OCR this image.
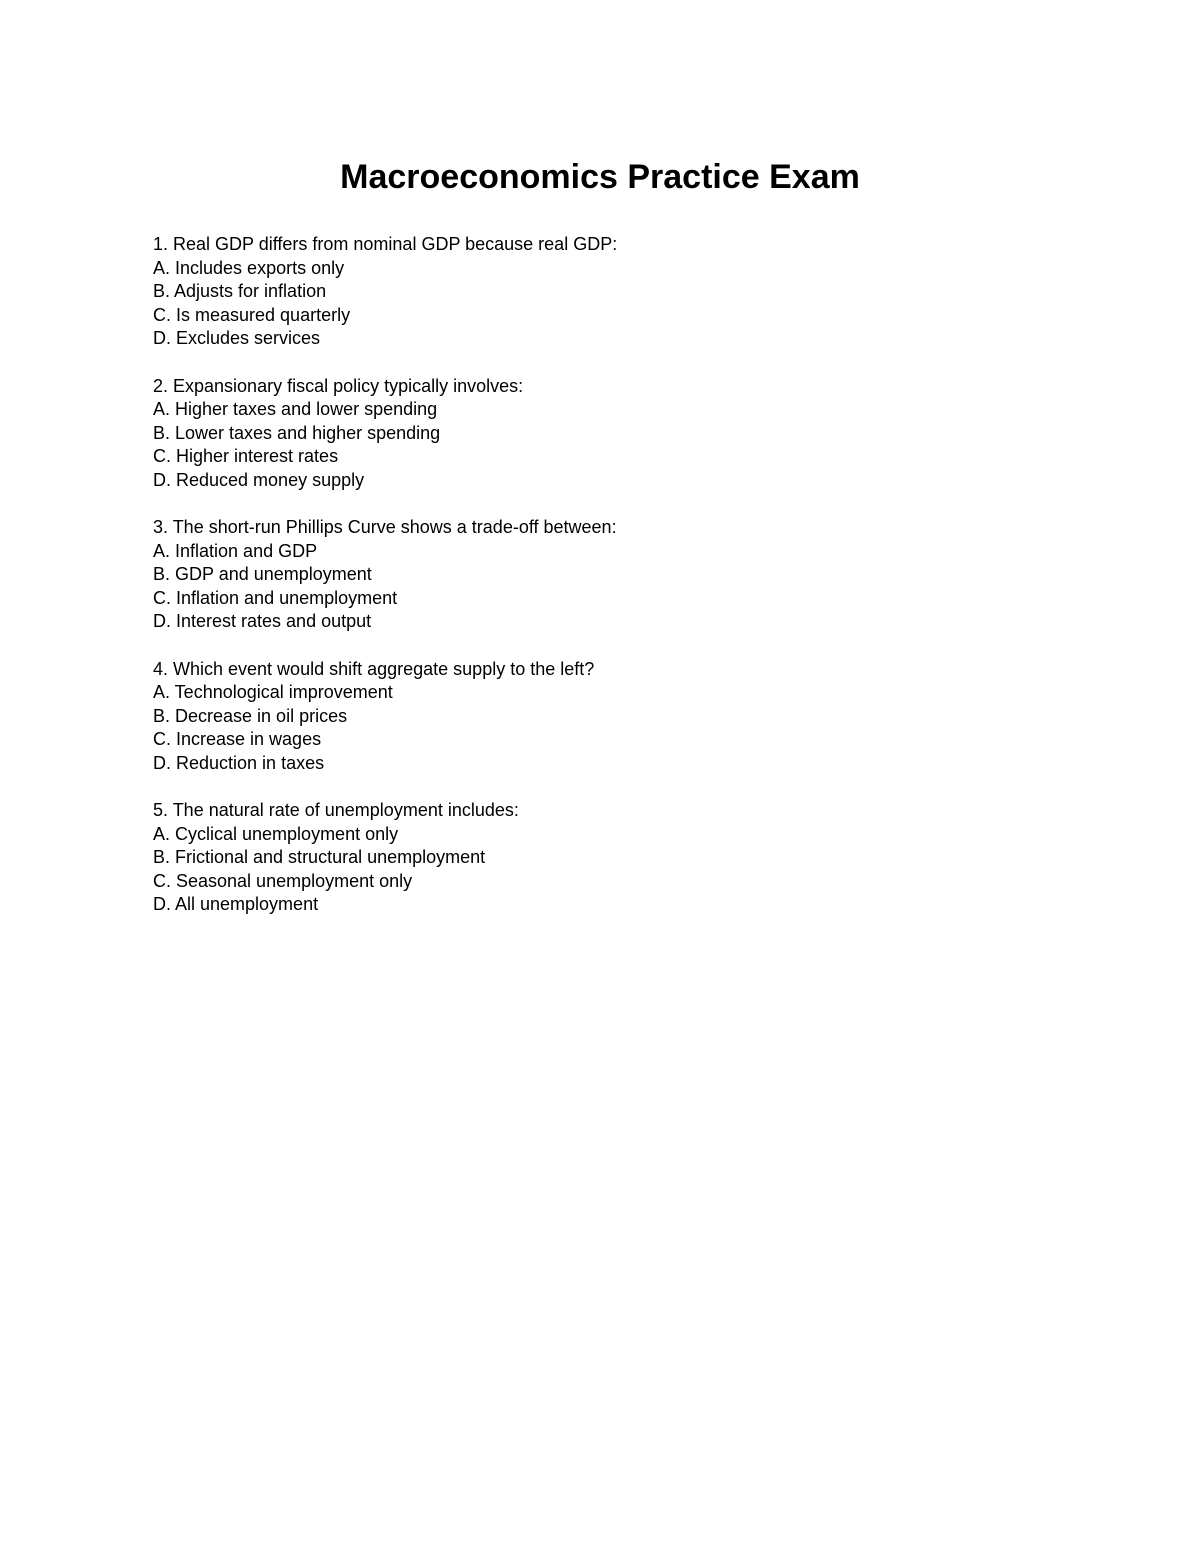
Macroeconomics Practice Exam

1. Real GDP differs from nominal GDP because real GDP:

A. Includes exports only

B. Adjusts for inflation

C. Is measured quarterly

D. Excludes services

2. Expansionary fiscal policy typically involves:

A. Higher taxes and lower spending

B. Lower taxes and higher spending

C. Higher interest rates

D. Reduced money supply

3. The short-run Phillips Curve shows a trade-off between:

A. Inflation and GDP

B. GDP and unemployment

C. Inflation and unemployment

D. Interest rates and output

4. Which event would shift aggregate supply to the left?

A. Technological improvement

B. Decrease in oil prices

C. Increase in wages

D. Reduction in taxes

5. The natural rate of unemployment includes:

A. Cyclical unemployment only

B. Frictional and structural unemployment

C. Seasonal unemployment only

D. All unemployment
